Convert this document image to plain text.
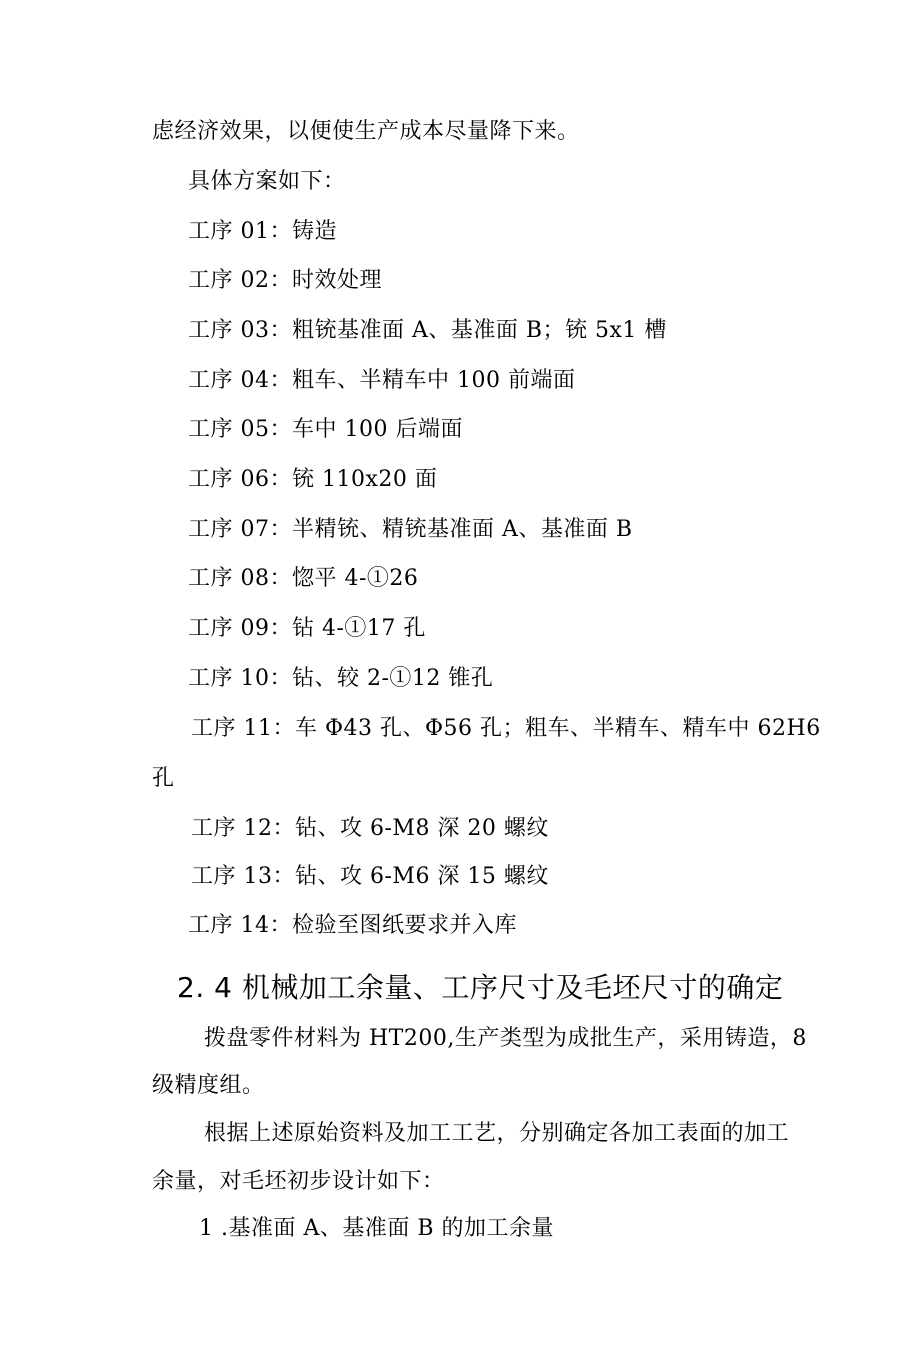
虑经济效果，以便使生产成本尽量降下来。
具体方案如下：
工序 01：铸造
工序 02：时效处理
工序 03：粗铳基准面 A、基准面 B；铳 5x1 槽
工序 04：粗车、半精车中 100 前端面
工序 05：车中 100 后端面
工序 06：铳 110x20 面
工序 07：半精铳、精铳基准面 A、基准面 B
工序 08：惚平 4-①26
工序 09：钻 4-①17 孔
工序 10：钻、较 2-①12 锥孔
工序 11：车 Φ43 孔、Φ56 孔；粗车、半精车、精车中 62H6
孔
工序 12：钻、攻 6-M8 深 20 螺纹
工序 13：钻、攻 6-M6 深 15 螺纹
工序 14：检验至图纸要求并入库
2. 4 机械加工余量、工序尺寸及毛坯尺寸的确定
拨盘零件材料为 HT200,生产类型为成批生产，采用铸造，8
级精度组。
根据上述原始资料及加工工艺，分别确定各加工表面的加工
余量，对毛坯初步设计如下：
1 .基准面 A、基准面 B 的加工余量
